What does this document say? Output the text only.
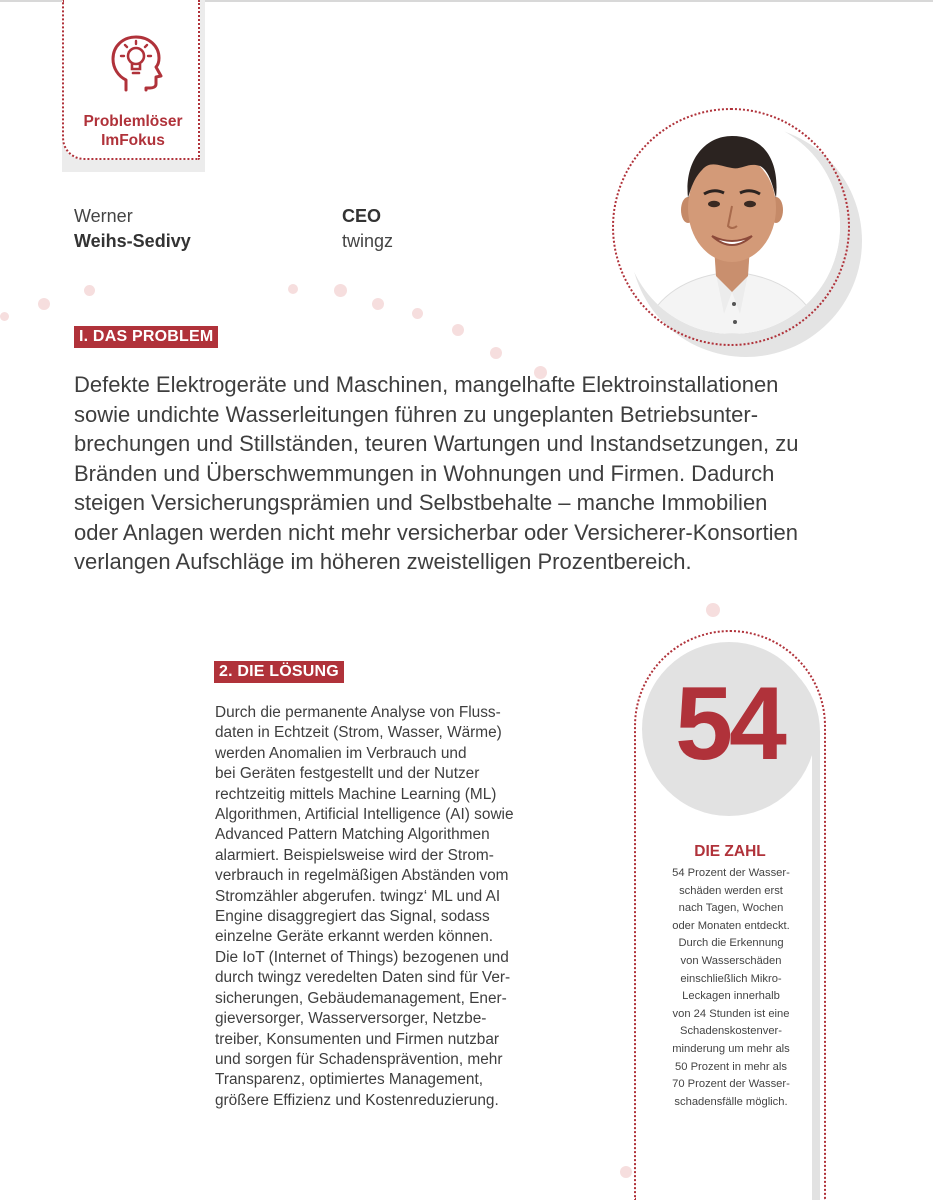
Problemlöser
ImFokus
Werner
Weihs-Sedivy
CEO
twingz
I. DAS PROBLEM
Defekte Elektrogeräte und Maschinen, mangelhafte Elektroinstallationen
sowie undichte Wasserleitungen führen zu ungeplanten Betriebsunter-
brechungen und Stillständen, teuren Wartungen und Instandsetzungen, zu
Bränden und Überschwemmungen in Wohnungen und Firmen. Dadurch
steigen Versicherungsprämien und Selbstbehalte – manche Immobilien
oder Anlagen werden nicht mehr versicherbar oder Versicherer-Konsortien
verlangen Aufschläge im höheren zweistelligen Prozentbereich.
2. DIE LÖSUNG
Durch die permanente Analyse von Fluss-
daten in Echtzeit (Strom, Wasser, Wärme)
werden Anomalien im Verbrauch und
bei Geräten festgestellt und der Nutzer
rechtzeitig mittels Machine Learning (ML)
Algorithmen, Artificial Intelligence (AI) sowie
Advanced Pattern Matching Algorithmen
alarmiert. Beispielsweise wird der Strom-
verbrauch in regelmäßigen Abständen vom
Stromzähler abgerufen. twingz‘ ML und AI
Engine disaggregiert das Signal, sodass
einzelne Geräte erkannt werden können.
Die IoT (Internet of Things) bezogenen und
durch twingz veredelten Daten sind für Ver-
sicherungen, Gebäudemanagement, Ener-
gieversorger, Wasserversorger, Netzbe-
treiber, Konsumenten und Firmen nutzbar
und sorgen für Schadensprävention, mehr
Transparenz, optimiertes Management,
größere Effizienz und Kostenreduzierung.
54
DIE ZAHL
54 Prozent der Wasser-
schäden werden erst
nach Tagen, Wochen
oder Monaten entdeckt.
Durch die Erkennung
von Wasserschäden
einschließlich Mikro-
Leckagen innerhalb
von 24 Stunden ist eine
Schadenskostenver-
minderung um mehr als
50 Prozent in mehr als
70 Prozent der Wasser-
schadensfälle möglich.
